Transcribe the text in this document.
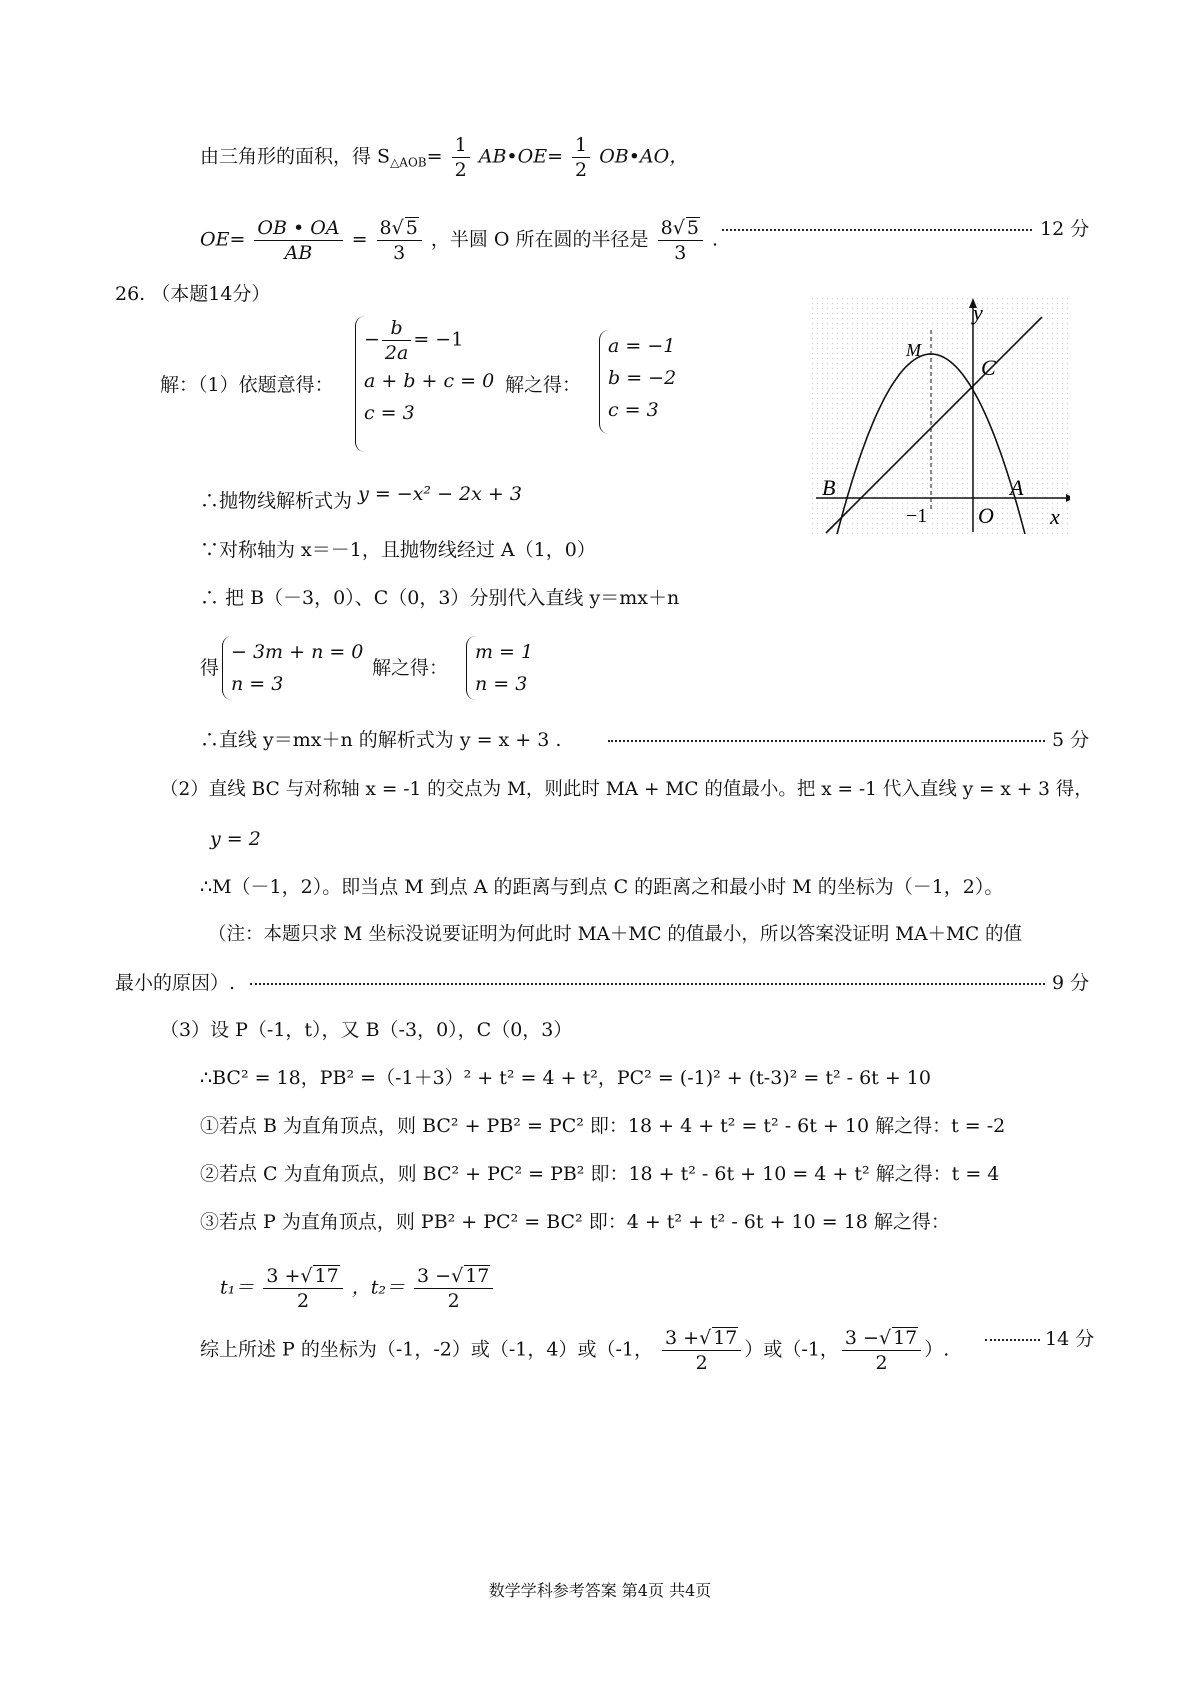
由三角形的面积，得 $S_{\triangle AOB}= \frac{1}{2}$ AB•OE= $\frac{1}{2}$ OB•AO，
$OE= \frac{OB • OA}{AB} = \frac{8√ 5}{3}$ ，半圆 O 所在圆的半径是 $\frac{8√ 5}{3}$ .	12 分
26. （本题14分）
解：（1）依题意得：
− $\frac{b}{2a} = -1$
a + b + c = 0
c = 3
解之得：
a = −1
b = −2
c = 3
y
x
M
C
B	A
O
−1
∴抛物线解析式为 y = −x² − 2x + 3
∵对称轴为 x＝－1，且抛物线经过 A（1，0）
∴ 把 B（－3，0）、C（0，3）分别代入直线 y＝mx＋n
得
− 3m + n = 0
n = 3
解之得：
m = 1
n = 3
∴直线 y＝mx＋n 的解析式为 y = x + 3 .	5 分
（2）直线 BC 与对称轴 x = -1 的交点为 M，则此时 MA + MC 的值最小。把 x = -1 代入直线 y = x + 3 得，
y = 2
∴M（－1，2）。即当点 M 到点 A 的距离与到点 C 的距离之和最小时 M 的坐标为（－1，2）。
（注：本题只求 M 坐标没说要证明为何此时 MA＋MC 的值最小，所以答案没证明 MA＋MC 的值
最小的原因）.	9 分
（3）设 P（-1，t），又 B（-3，0），C（0，3）
∴BC² = 18，PB² =（-1＋3）² + t² = 4 + t²，PC² = (-1)² + (t-3)² = t² - 6t + 10
①若点 B 为直角顶点，则 BC² + PB² = PC² 即：18 + 4 + t² = t² - 6t + 10 解之得：t = -2
②若点 C 为直角顶点，则 BC² + PC² = PB² 即：18 + t² - 6t + 10 = 4 + t² 解之得：t = 4
③若点 P 为直角顶点，则 PB² + PC² = BC² 即：4 + t² + t² - 6t + 10 = 18 解之得：
$t_1= \frac{3 +√ 17}{2}$ ，$t_2= \frac{3 -√ 17}{2}$
综上所述 P 的坐标为（-1，-2）或（-1，4）或（-1， $\frac{3 +√ 17}{2}$ ）或（-1， $\frac{3 -√ 17}{2}$ ）.	14 分
数学学科参考答案 第4页 共4页
